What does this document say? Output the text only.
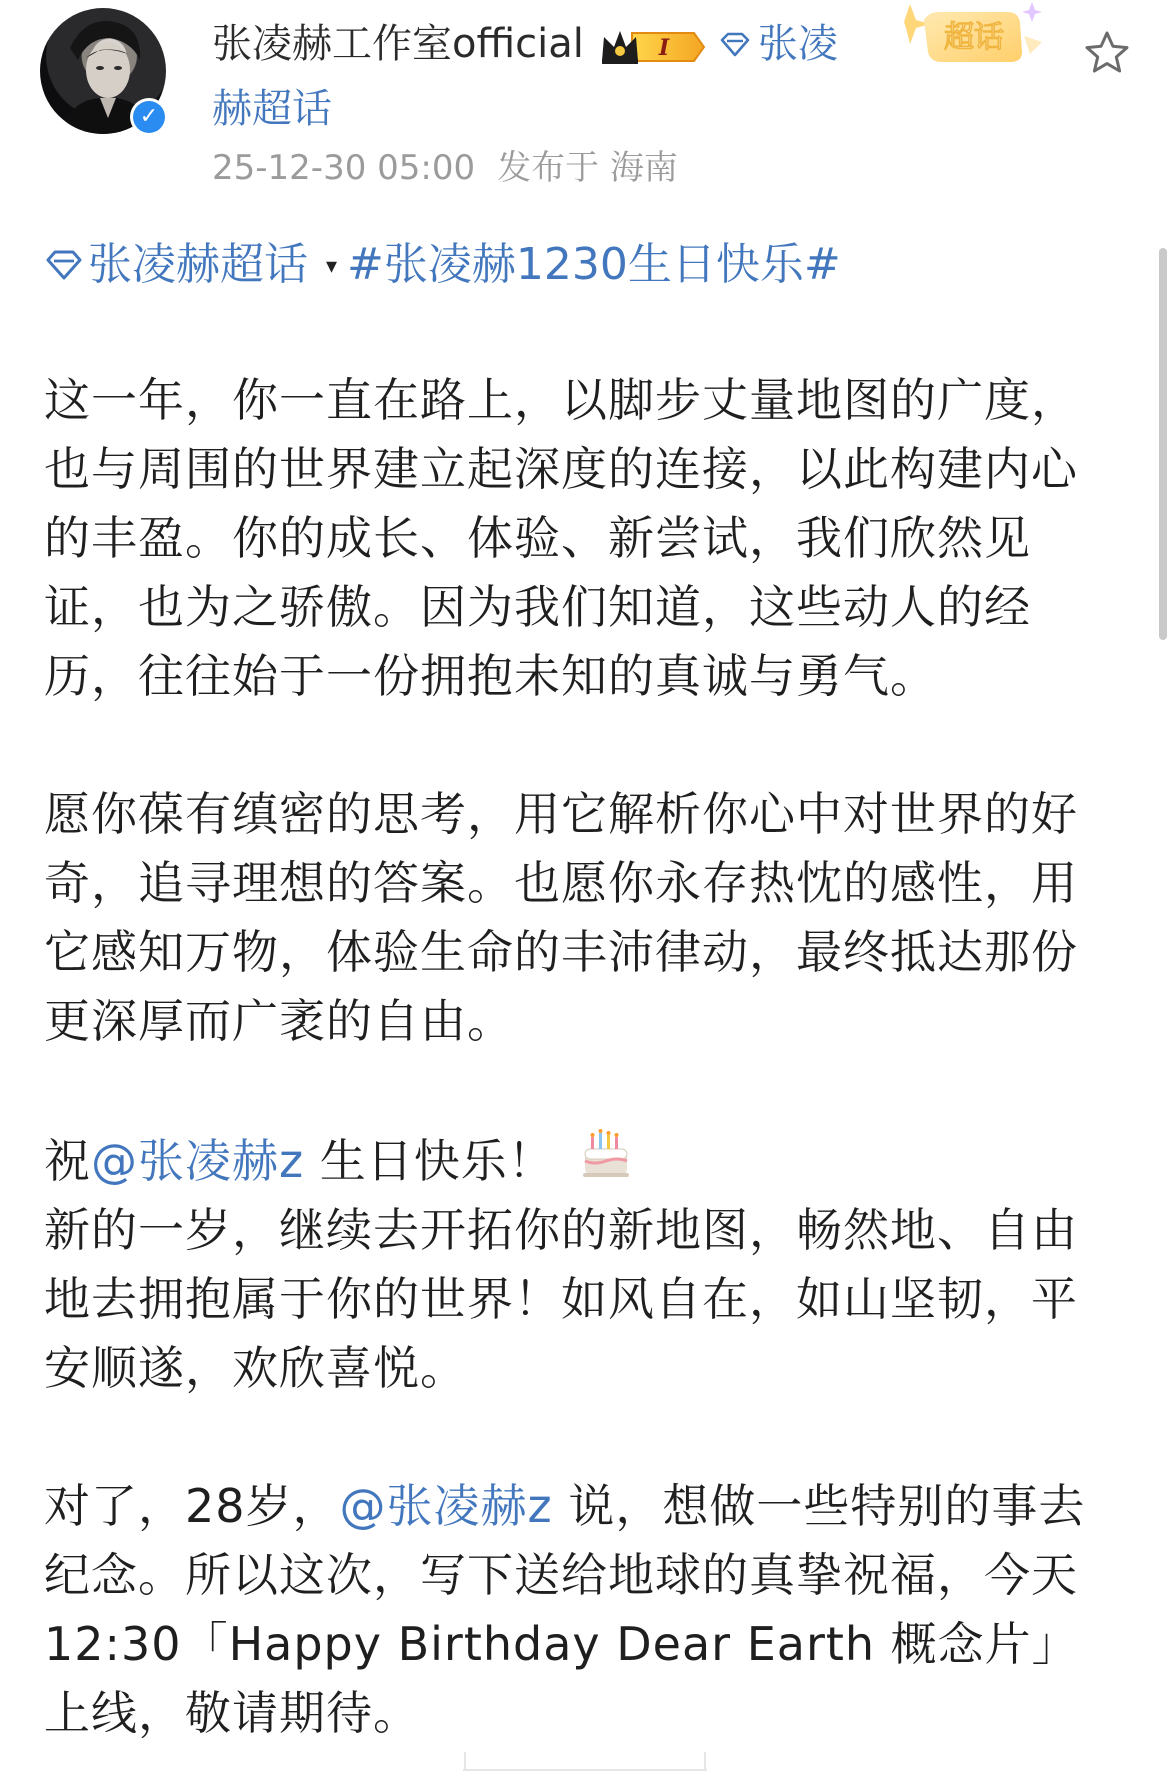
✓
张凌赫工作室official	I 张凌
赫超话
25-12-30 05:00 发布于 海南
超话
张凌赫超话 ▾ #张凌赫1230生日快乐#

这一年，你一直在路上，以脚步丈量地图的广度，也与周围的世界建立起深度的连接，以此构建内心的丰盈。你的成长、体验、新尝试，我们欣然见证，也为之骄傲。因为我们知道，这些动人的经历，往往始于一份拥抱未知的真诚与勇气。

愿你葆有缜密的思考，用它解析你心中对世界的好奇，追寻理想的答案。也愿你永存热忱的感性，用它感知万物，体验生命的丰沛律动，最终抵达那份更深厚而广袤的自由。

祝@张凌赫z 生日快乐！
新的一岁，继续去开拓你的新地图，畅然地、自由地去拥抱属于你的世界！如风自在，如山坚韧，平安顺遂，欢欣喜悦。

对了，28岁，@张凌赫z 说，想做一些特别的事去纪念。所以这次，写下送给地球的真挚祝福，今天12:30「Happy Birthday Dear Earth 概念片」上线，敬请期待。
